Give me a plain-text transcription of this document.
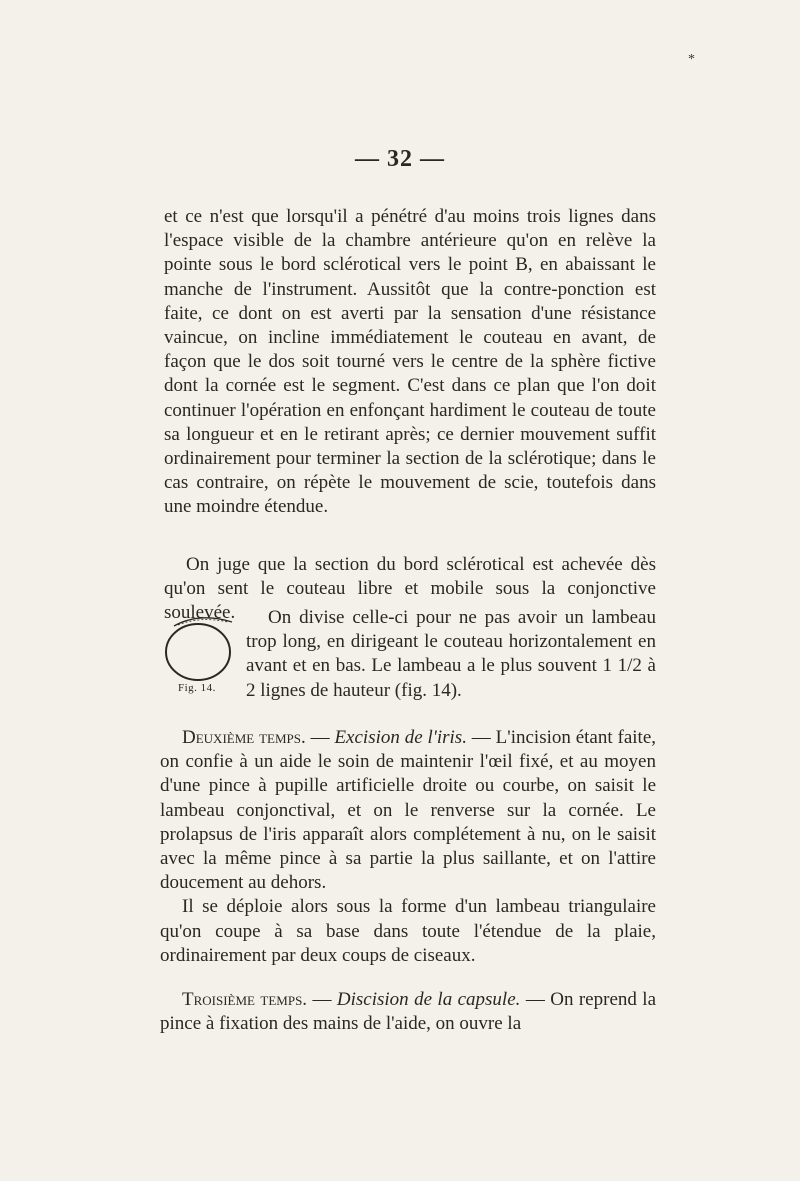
*
— 32 —

et ce n'est que lorsqu'il a pénétré d'au moins trois lignes dans l'espace visible de la chambre antérieure qu'on en relève la pointe sous le bord sclérotical vers le point B, en abaissant le manche de l'instrument. Aussitôt que la contre-ponction est faite, ce dont on est averti par la sensation d'une résistance vaincue, on incline immédiatement le couteau en avant, de façon que le dos soit tourné vers le centre de la sphère fictive dont la cornée est le segment. C'est dans ce plan que l'on doit continuer l'opération en enfonçant hardiment le couteau de toute sa longueur et en le retirant après; ce dernier mouvement suffit ordinairement pour terminer la section de la sclérotique; dans le cas contraire, on répète le mouvement de scie, toutefois dans une moindre étendue.

On juge que la section du bord sclérotical est achevée dès qu'on sent le couteau libre et mobile sous la conjonctive soulevée.

Fig. 14.

On divise celle-ci pour ne pas avoir un lambeau trop long, en dirigeant le couteau horizontalement en avant et en bas. Le lambeau a le plus souvent 1 1/2 à 2 lignes de hauteur (fig. 14).

Deuxième temps. — Excision de l'iris. — L'incision étant faite, on confie à un aide le soin de maintenir l'œil fixé, et au moyen d'une pince à pupille artificielle droite ou courbe, on saisit le lambeau conjonctival, et on le renverse sur la cornée. Le prolapsus de l'iris apparaît alors complétement à nu, on le saisit avec la même pince à sa partie la plus saillante, et on l'attire doucement au dehors.

Il se déploie alors sous la forme d'un lambeau triangulaire qu'on coupe à sa base dans toute l'étendue de la plaie, ordinairement par deux coups de ciseaux.

Troisième temps. — Discision de la capsule. — On reprend la pince à fixation des mains de l'aide, on ouvre la
